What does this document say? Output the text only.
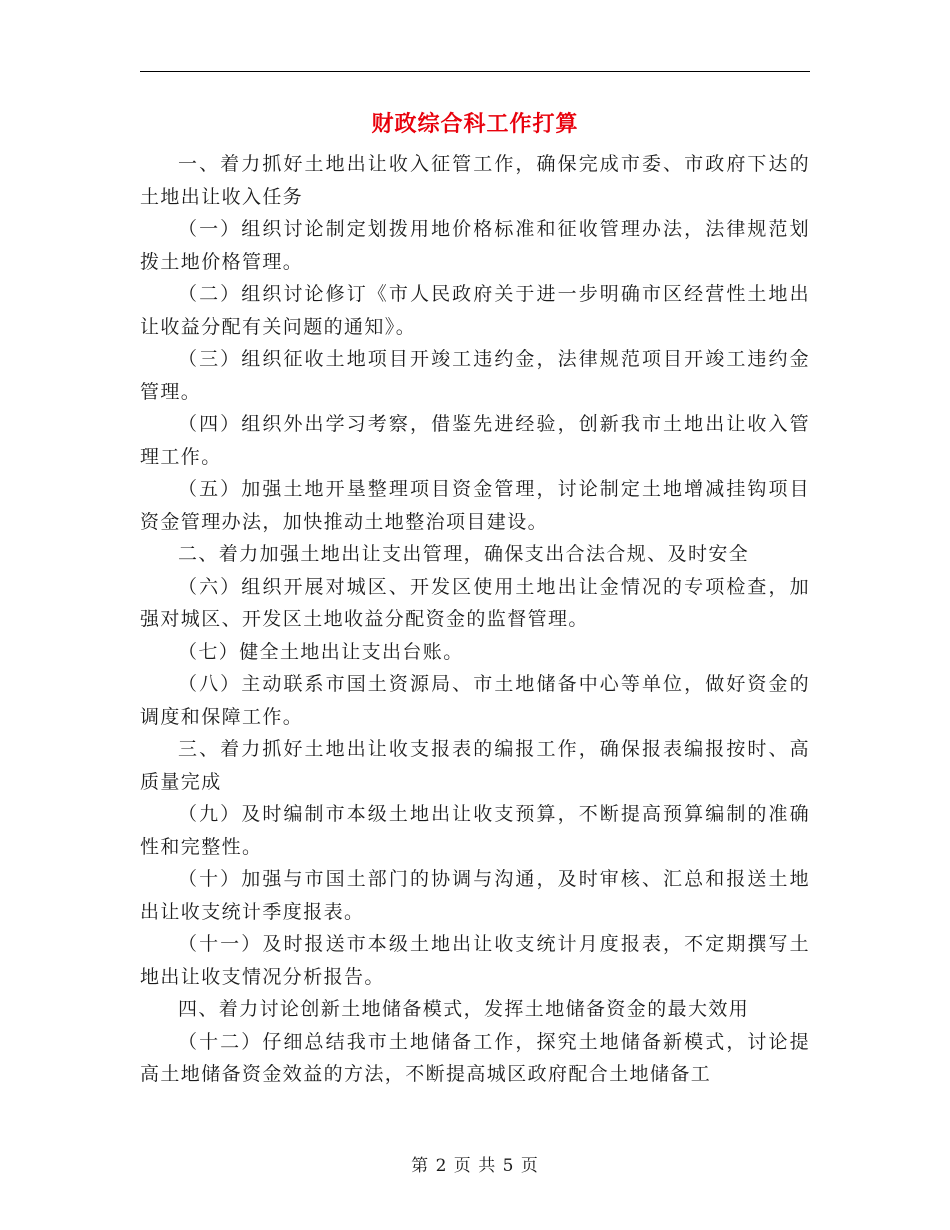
财政综合科工作打算

一、着力抓好土地出让收入征管工作，确保完成市委、市政府下达的土地出让收入任务

（一）组织讨论制定划拨用地价格标准和征收管理办法，法律规范划拨土地价格管理。

（二）组织讨论修订《市人民政府关于进一步明确市区经营性土地出让收益分配有关问题的通知》。

（三）组织征收土地项目开竣工违约金，法律规范项目开竣工违约金管理。

（四）组织外出学习考察，借鉴先进经验，创新我市土地出让收入管理工作。

（五）加强土地开垦整理项目资金管理，讨论制定土地增减挂钩项目资金管理办法，加快推动土地整治项目建设。

二、着力加强土地出让支出管理，确保支出合法合规、及时安全

（六）组织开展对城区、开发区使用土地出让金情况的专项检查，加强对城区、开发区土地收益分配资金的监督管理。

（七）健全土地出让支出台账。

（八）主动联系市国土资源局、市土地储备中心等单位，做好资金的调度和保障工作。

三、着力抓好土地出让收支报表的编报工作，确保报表编报按时、高质量完成

（九）及时编制市本级土地出让收支预算，不断提高预算编制的准确性和完整性。

（十）加强与市国土部门的协调与沟通，及时审核、汇总和报送土地出让收支统计季度报表。

（十一）及时报送市本级土地出让收支统计月度报表，不定期撰写土地出让收支情况分析报告。

四、着力讨论创新土地储备模式，发挥土地储备资金的最大效用

（十二）仔细总结我市土地储备工作，探究土地储备新模式，讨论提高土地储备资金效益的方法，不断提高城区政府配合土地储备工

第 2 页 共 5 页
